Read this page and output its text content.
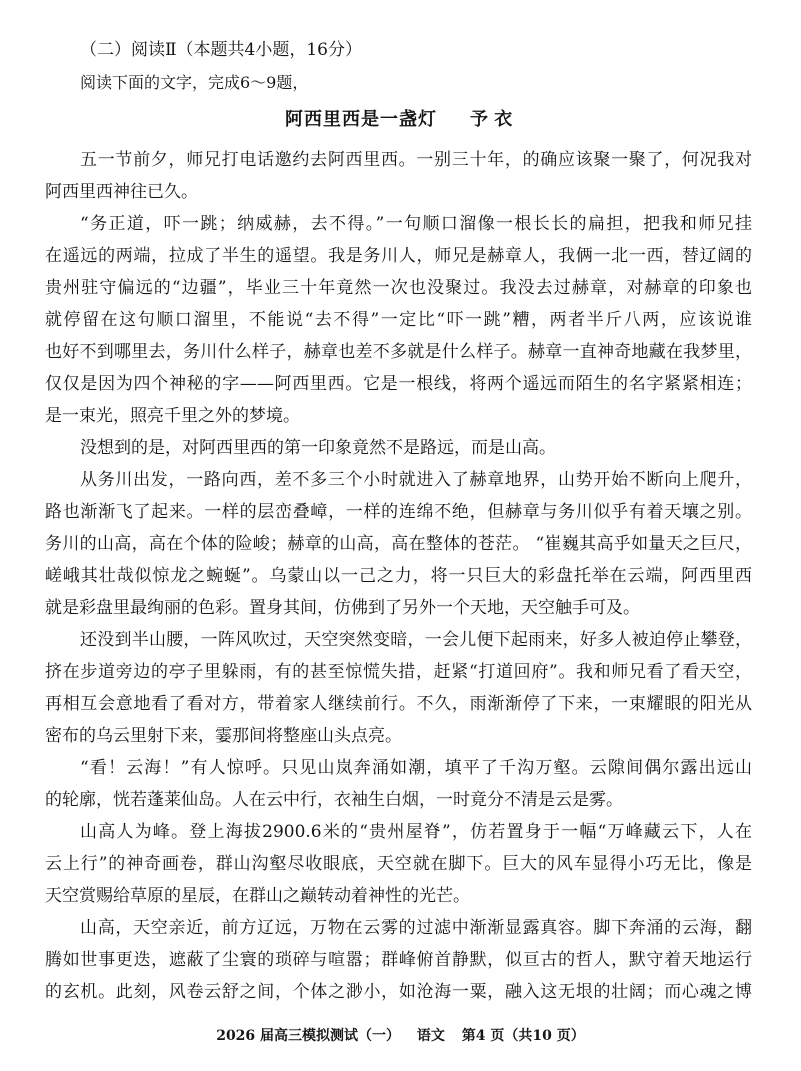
（二）阅读Ⅱ（本题共4小题，16分）
阅读下面的文字，完成6～9题，
阿西里西是一盏灯 予 衣
五一节前夕，师兄打电话邀约去阿西里西。一别三十年，的确应该聚一聚了，何况我对
阿西里西神往已久。
“务正道，吓一跳；纳威赫，去不得。”一句顺口溜像一根长长的扁担，把我和师兄挂
在遥远的两端，拉成了半生的遥望。我是务川人，师兄是赫章人，我俩一北一西，替辽阔的
贵州驻守偏远的“边疆”，毕业三十年竟然一次也没聚过。我没去过赫章，对赫章的印象也
就停留在这句顺口溜里，不能说“去不得”一定比“吓一跳”糟，两者半斤八两，应该说谁
也好不到哪里去，务川什么样子，赫章也差不多就是什么样子。赫章一直神奇地藏在我梦里，
仅仅是因为四个神秘的字——阿西里西。它是一根线，将两个遥远而陌生的名字紧紧相连；
是一束光，照亮千里之外的梦境。
没想到的是，对阿西里西的第一印象竟然不是路远，而是山高。
从务川出发，一路向西，差不多三个小时就进入了赫章地界，山势开始不断向上爬升，
路也渐渐飞了起来。一样的层峦叠嶂，一样的连绵不绝，但赫章与务川似乎有着天壤之别。
务川的山高，高在个体的险峻；赫章的山高，高在整体的苍茫。 “崔巍其高乎如量天之巨尺，
嵯峨其壮哉似惊龙之蜿蜒”。乌蒙山以一己之力，将一只巨大的彩盘托举在云端，阿西里西
就是彩盘里最绚丽的色彩。置身其间，仿佛到了另外一个天地，天空触手可及。
还没到半山腰，一阵风吹过，天空突然变暗，一会儿便下起雨来，好多人被迫停止攀登，
挤在步道旁边的亭子里躲雨，有的甚至惊慌失措，赶紧“打道回府”。我和师兄看了看天空，
再相互会意地看了看对方，带着家人继续前行。不久，雨渐渐停了下来，一束耀眼的阳光从
密布的乌云里射下来，霎那间将整座山头点亮。
“看！云海！”有人惊呼。只见山岚奔涌如潮，填平了千沟万壑。云隙间偶尔露出远山
的轮廓，恍若蓬莱仙岛。人在云中行，衣袖生白烟，一时竟分不清是云是雾。
山高人为峰。登上海拔2900.6米的“贵州屋脊”，仿若置身于一幅“万峰藏云下，人在
云上行”的神奇画卷，群山沟壑尽收眼底，天空就在脚下。巨大的风车显得小巧无比，像是
天空赏赐给草原的星辰，在群山之巅转动着神性的光芒。
山高，天空亲近，前方辽远，万物在云雾的过滤中渐渐显露真容。脚下奔涌的云海，翻
腾如世事更迭，遮蔽了尘寰的琐碎与喧嚣；群峰俯首静默，似亘古的哲人，默守着天地运行
的玄机。此刻，风卷云舒之间，个体之渺小，如沧海一粟，融入这无垠的壮阔；而心魂之博
2026 届高三模拟测试（一） 语文 第4 页（共10 页）
